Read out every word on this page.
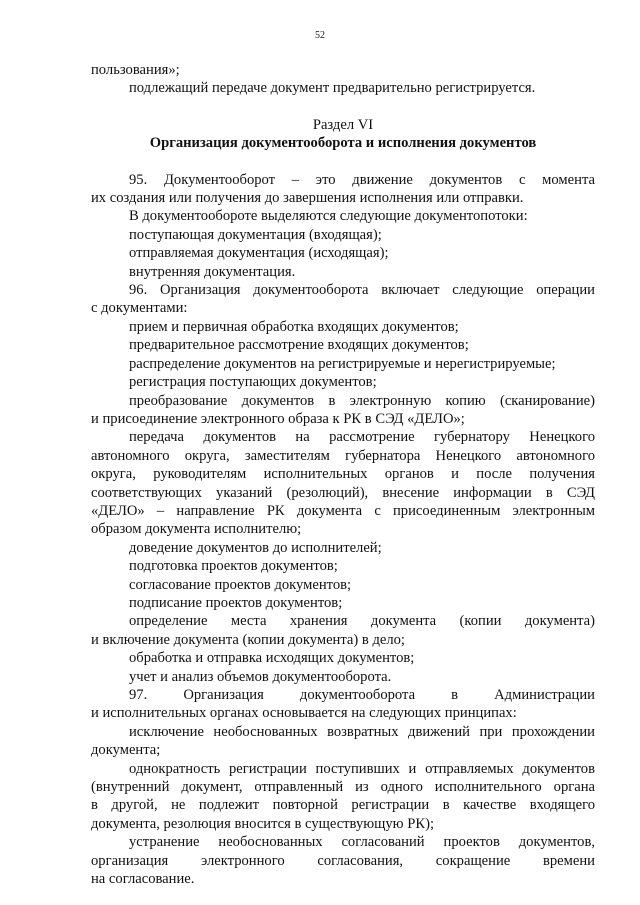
52

пользования»;

подлежащий передаче документ предварительно регистрируется.

Раздел VI

Организация документооборота и исполнения документов

95. Документооборот – это движение документов с момента

их создания или получения до завершения исполнения или отправки.

В документообороте выделяются следующие документопотоки:

поступающая документация (входящая);

отправляемая документация (исходящая);

внутренняя документация.

96. Организация документооборота включает следующие операции

с документами:

прием и первичная обработка входящих документов;

предварительное рассмотрение входящих документов;

распределение документов на регистрируемые и нерегистрируемые;

регистрация поступающих документов;

преобразование документов в электронную копию (сканирование)

и присоединение электронного образа к РК в СЭД «ДЕЛО»;

передача документов на рассмотрение губернатору Ненецкого

автономного округа, заместителям губернатора Ненецкого автономного

округа, руководителям исполнительных органов и после получения

соответствующих указаний (резолюций), внесение информации в СЭД

«ДЕЛО» – направление РК документа с присоединенным электронным

образом документа исполнителю;

доведение документов до исполнителей;

подготовка проектов документов;

согласование проектов документов;

подписание проектов документов;

определение места хранения документа (копии документа)

и включение документа (копии документа) в дело;

обработка и отправка исходящих документов;

учет и анализ объемов документооборота.

97. Организация документооборота в Администрации

и исполнительных органах основывается на следующих принципах:

исключение необоснованных возвратных движений при прохождении

документа;

однократность регистрации поступивших и отправляемых документов

(внутренний документ, отправленный из одного исполнительного органа

в другой, не подлежит повторной регистрации в качестве входящего

документа, резолюция вносится в существующую РК);

устранение необоснованных согласований проектов документов,

организация электронного согласования, сокращение времени

на согласование.
